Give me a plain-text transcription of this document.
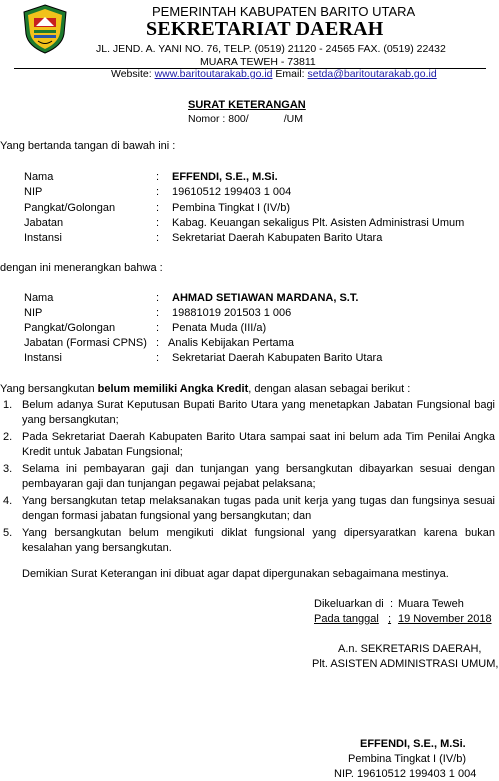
PEMERINTAH KABUPATEN BARITO UTARA
SEKRETARIAT DAERAH
JL. JEND. A. YANI NO. 76, TELP. (0519) 21120 - 24565 FAX. (0519) 22432
MUARA TEWEH - 73811
Website: www.baritoutarakab.go.id Email: setda@baritoutarakab.go.id
SURAT KETERANGAN
Nomor : 800/            /UM
Yang bertanda tangan di bawah ini :
Nama	: EFFENDI, S.E., M.Si.
NIP	: 19610512 199403 1 004
Pangkat/Golongan	: Pembina Tingkat I (IV/b)
Jabatan	: Kabag. Keuangan sekaligus Plt. Asisten Administrasi Umum
Instansi	: Sekretariat Daerah Kabupaten Barito Utara
dengan ini menerangkan bahwa :
Nama	: AHMAD SETIAWAN MARDANA, S.T.
NIP	: 19881019 201503 1 006
Pangkat/Golongan	: Penata Muda (III/a)
Jabatan (Formasi CPNS) : Analis Kebijakan Pertama
Instansi	: Sekretariat Daerah Kabupaten Barito Utara
Yang bersangkutan belum memiliki Angka Kredit, dengan alasan sebagai berikut :
1. Belum adanya Surat Keputusan Bupati Barito Utara yang menetapkan Jabatan Fungsional bagi yang bersangkutan;
2. Pada Sekretariat Daerah Kabupaten Barito Utara sampai saat ini belum ada Tim Penilai Angka Kredit untuk Jabatan Fungsional;
3. Selama ini pembayaran gaji dan tunjangan yang bersangkutan dibayarkan sesuai dengan pembayaran gaji dan tunjangan pegawai pejabat pelaksana;
4. Yang bersangkutan tetap melaksanakan tugas pada unit kerja yang tugas dan fungsinya sesuai dengan formasi jabatan fungsional yang bersangkutan; dan
5. Yang bersangkutan belum mengikuti diklat fungsional yang dipersyaratkan karena bukan kesalahan yang bersangkutan.
Demikian Surat Keterangan ini dibuat agar dapat dipergunakan sebagaimana mestinya.
Dikeluarkan di : Muara Teweh
Pada tanggal ; 19 November 2018
A.n. SEKRETARIS DAERAH,
Plt. ASISTEN ADMINISTRASI UMUM,
EFFENDI, S.E., M.Si.
Pembina Tingkat I (IV/b)
NIP. 19610512 199403 1 004
